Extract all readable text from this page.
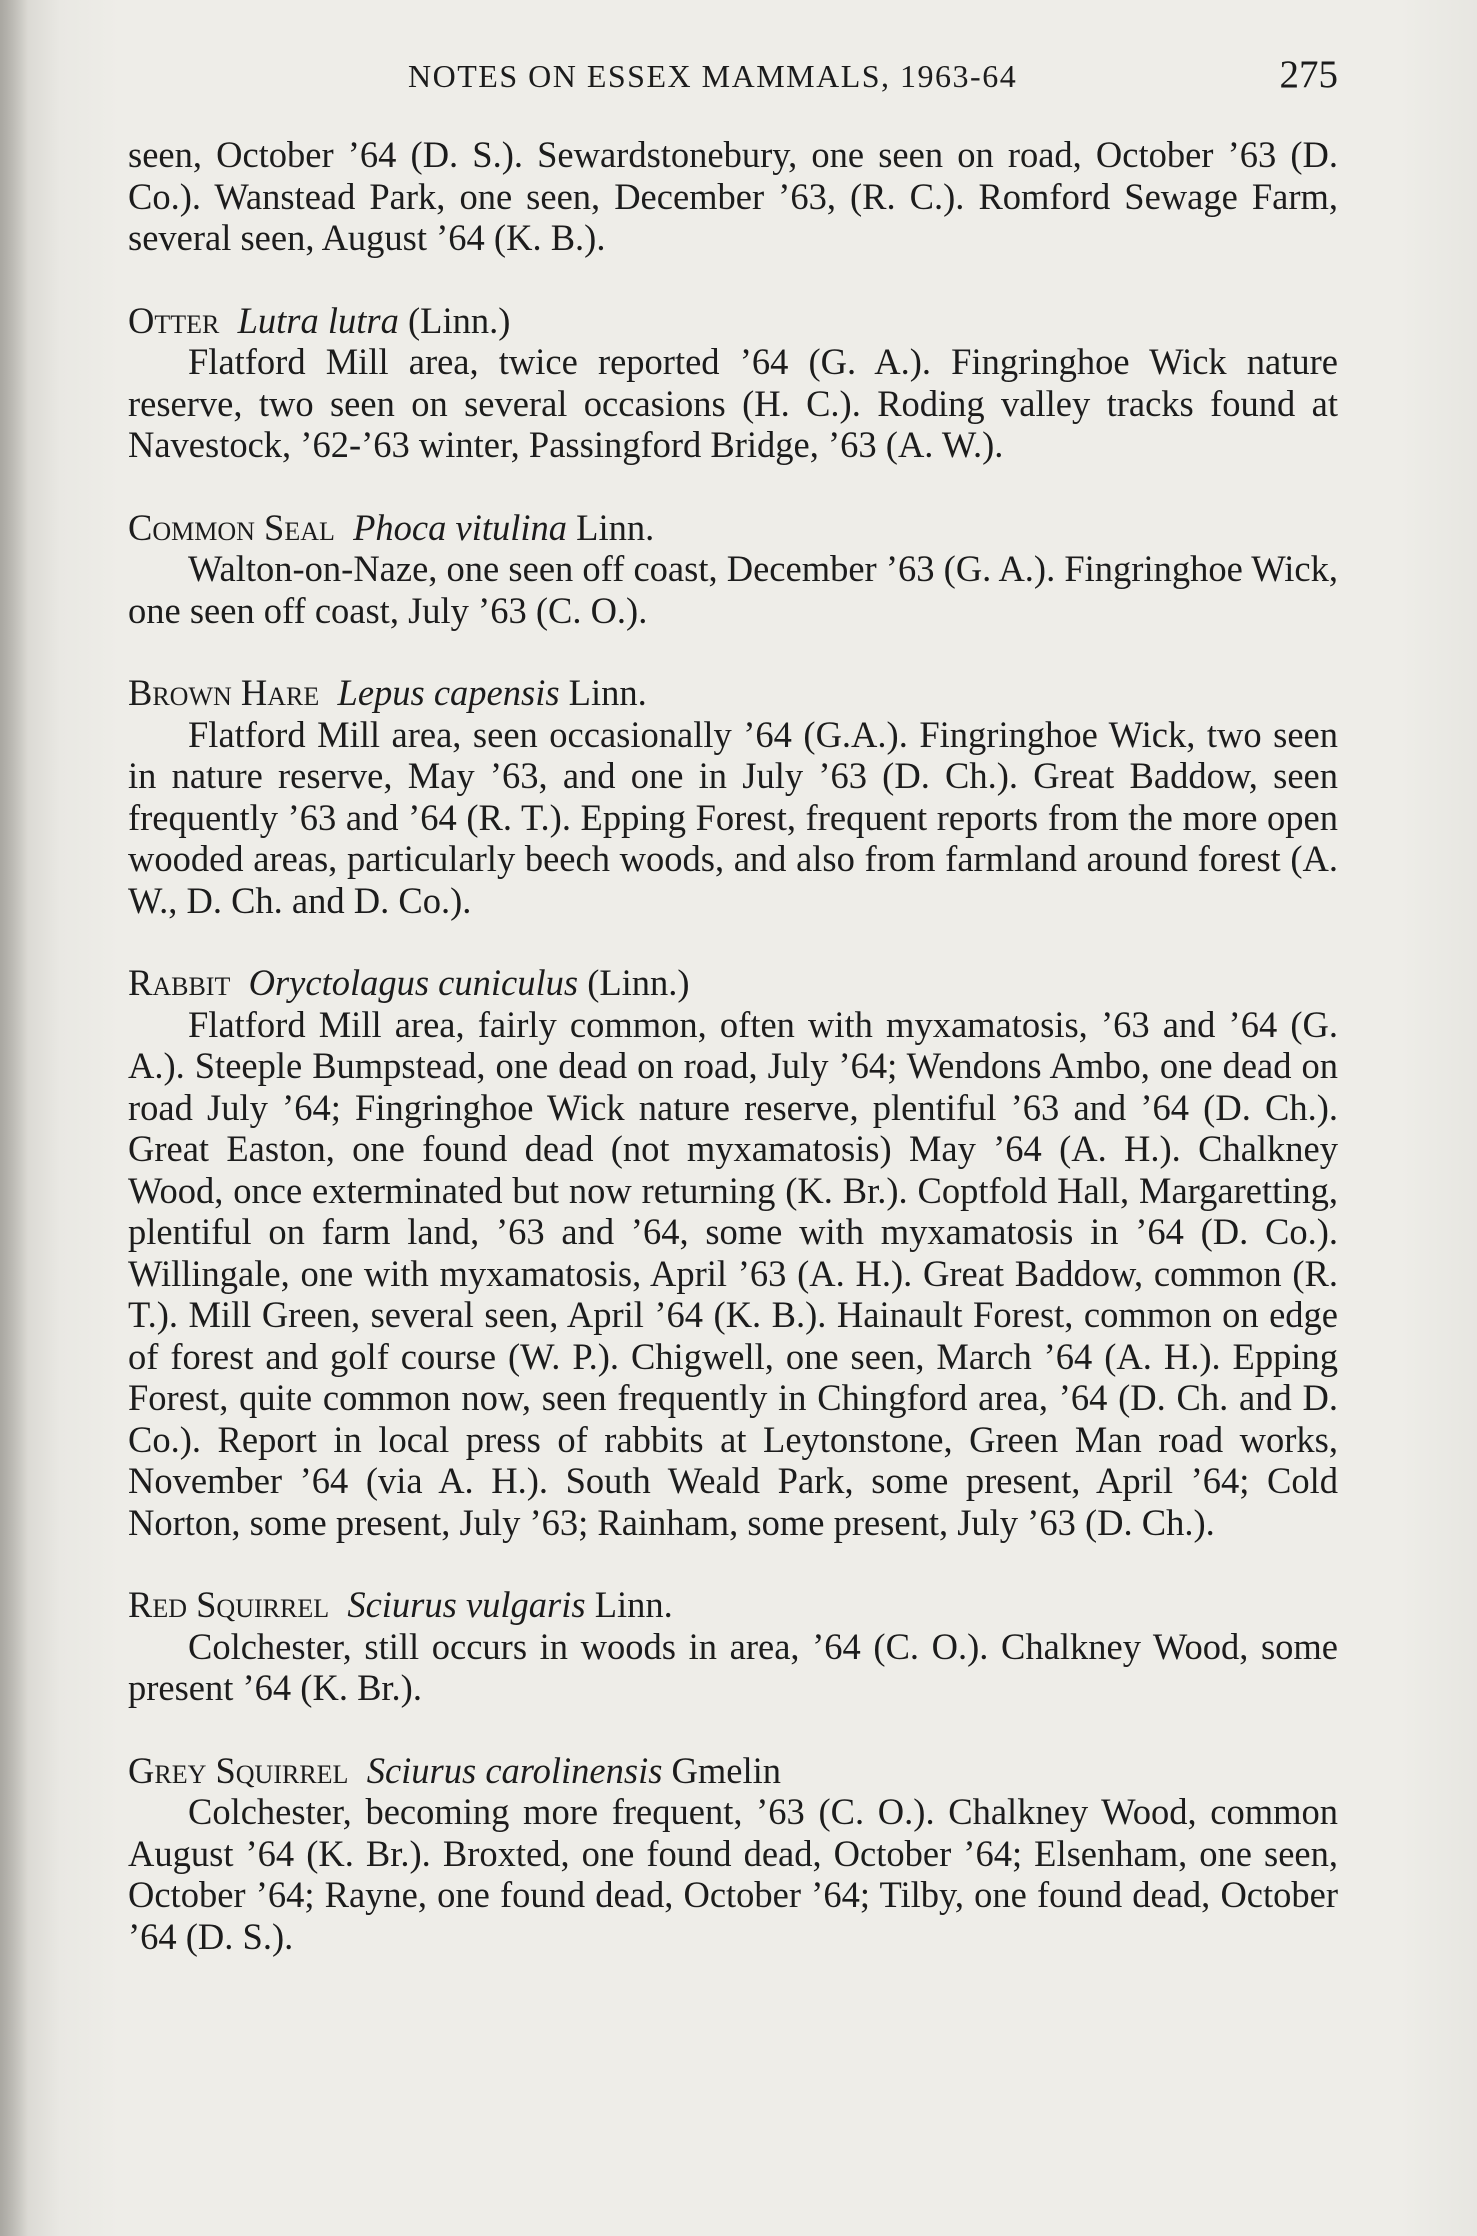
NOTES ON ESSEX MAMMALS, 1963-64	275

seen, October ’64 (D. S.). Sewardstonebury, one seen on road, October ’63 (D. Co.). Wanstead Park, one seen, December ’63, (R. C.). Romford Sewage Farm, several seen, August ’64 (K. B.).

Otter Lutra lutra (Linn.)

Flatford Mill area, twice reported ’64 (G. A.). Fingringhoe Wick nature reserve, two seen on several occasions (H. C.). Roding valley tracks found at Navestock, ’62-’63 winter, Passingford Bridge, ’63 (A. W.).

Common Seal Phoca vitulina Linn.

Walton-on-Naze, one seen off coast, December ’63 (G. A.). Fingringhoe Wick, one seen off coast, July ’63 (C. O.).

Brown Hare Lepus capensis Linn.

Flatford Mill area, seen occasionally ’64 (G.A.). Fingringhoe Wick, two seen in nature reserve, May ’63, and one in July ’63 (D. Ch.). Great Baddow, seen frequently ’63 and ’64 (R. T.). Epping Forest, frequent reports from the more open wooded areas, particularly beech woods, and also from farmland around forest (A. W., D. Ch. and D. Co.).

Rabbit Oryctolagus cuniculus (Linn.)

Flatford Mill area, fairly common, often with myxamatosis, ’63 and ’64 (G. A.). Steeple Bumpstead, one dead on road, July ’64; Wendons Ambo, one dead on road July ’64; Fingringhoe Wick nature reserve, plentiful ’63 and ’64 (D. Ch.). Great Easton, one found dead (not myxamatosis) May ’64 (A. H.). Chalkney Wood, once exterminated but now returning (K. Br.). Coptfold Hall, Margaretting, plentiful on farm land, ’63 and ’64, some with myxamatosis in ’64 (D. Co.). Willingale, one with myxamatosis, April ’63 (A. H.). Great Baddow, common (R. T.). Mill Green, several seen, April ’64 (K. B.). Hainault Forest, common on edge of forest and golf course (W. P.). Chigwell, one seen, March ’64 (A. H.). Epping Forest, quite common now, seen frequently in Chingford area, ’64 (D. Ch. and D. Co.). Report in local press of rabbits at Leytonstone, Green Man road works, November ’64 (via A. H.). South Weald Park, some present, April ’64; Cold Norton, some present, July ’63; Rainham, some present, July ’63 (D. Ch.).

Red Squirrel Sciurus vulgaris Linn.

Colchester, still occurs in woods in area, ’64 (C. O.). Chalkney Wood, some present ’64 (K. Br.).

Grey Squirrel Sciurus carolinensis Gmelin

Colchester, becoming more frequent, ’63 (C. O.). Chalkney Wood, common August ’64 (K. Br.). Broxted, one found dead, October ’64; Elsenham, one seen, October ’64; Rayne, one found dead, October ’64; Tilby, one found dead, October ’64 (D. S.).
